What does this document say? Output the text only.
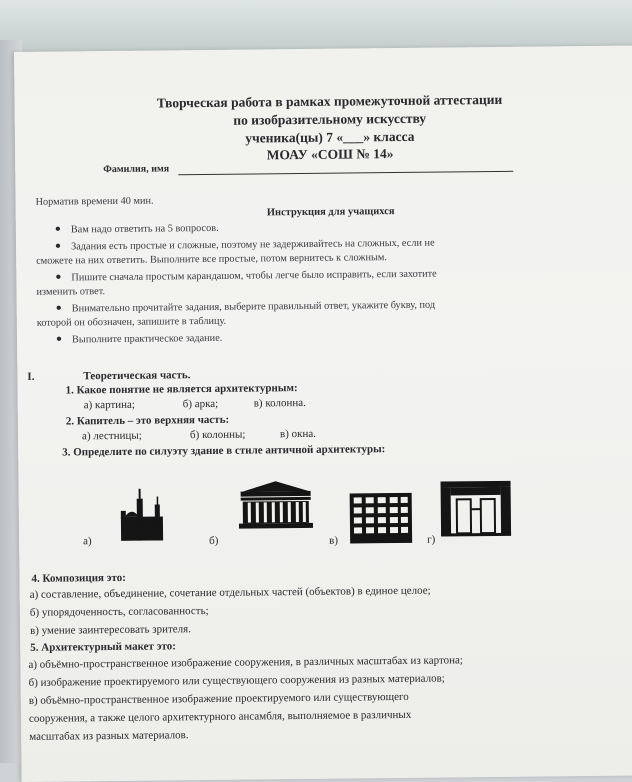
Творческая работа в рамках промежуточной аттестации
по изобразительному искусству
ученика(цы) 7 «___» класса
МОАУ «СОШ № 14»
Фамилия, имя
Норматив времени 40 мин.
Инструкция для учащихся
● Вам надо ответить на 5 вопросов.
● Задания есть простые и сложные, поэтому не задерживайтесь на сложных, если не
сможете на них ответить. Выполните все простые, потом вернитесь к сложным.
● Пишите сначала простым карандашом, чтобы легче было исправить, если захотите
изменить ответ.
● Внимательно прочитайте задания, выберите правильный ответ, укажите букву, под
которой он обозначен, запишите в таблицу.
● Выполните практическое задание.
I.	Теоретическая часть.
1. Какое понятие не является архитектурным:
а) картина;	б) арка;	в) колонна.
2. Капитель – это верхняя часть:
а) лестницы;	б) колонны;	в) окна.
3. Определите по силуэту здание в стиле античной архитектуры:
а)	б)	в)	г)
4. Композиция это:
а) составление, объединение, сочетание отдельных частей (объектов) в единое целое;
б) упорядоченность, согласованность;
в) умение заинтересовать зрителя.
5. Архитектурный макет это:
а) объёмно-пространственное изображение сооружения, в различных масштабах из картона;
б) изображение проектируемого или существующего сооружения из разных материалов;
в) объёмно-пространственное изображение проектируемого или существующего
сооружения, а также целого архитектурного ансамбля, выполняемое в различных
масштабах из разных материалов.
